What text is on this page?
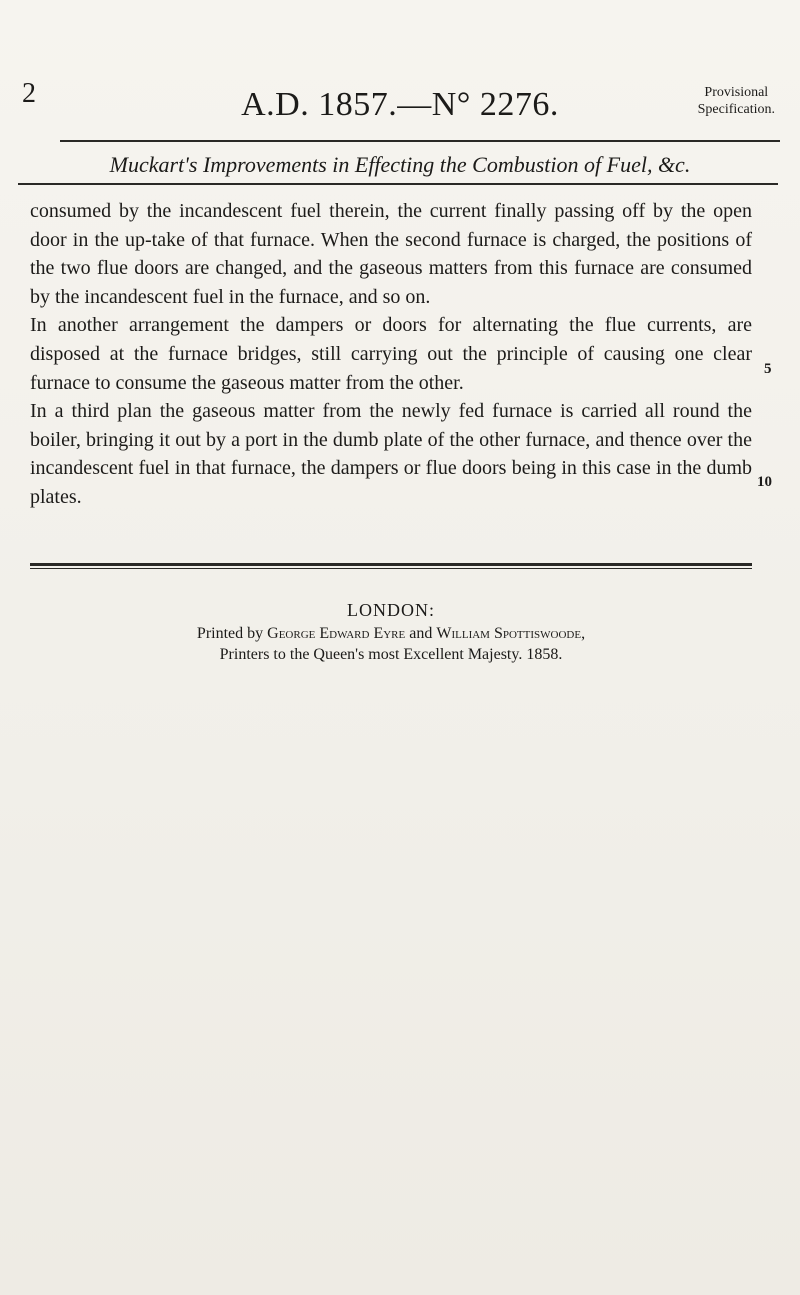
2	A.D. 1857.—N° 2276.	Provisional
Specification.
Muckart's Improvements in Effecting the Combustion of Fuel, &c.

consumed by the incandescent fuel therein, the current finally passing off by the open door in the up-take of that furnace. When the second furnace is charged, the positions of the two flue doors are changed, and the gaseous matters from this furnace are consumed by the incandescent fuel in the furnace, and so on.

In another arrangement the dampers or doors for alternating the flue currents, are disposed at the furnace bridges, still carrying out the principle of causing one clear furnace to consume the gaseous matter from the other.

In a third plan the gaseous matter from the newly fed furnace is carried all round the boiler, bringing it out by a port in the dumb plate of the other furnace, and thence over the incandescent fuel in that furnace, the dampers or flue doors being in this case in the dumb plates.

5
10
LONDON:
Printed by George Edward Eyre and William Spottiswoode,
Printers to the Queen's most Excellent Majesty. 1858.
